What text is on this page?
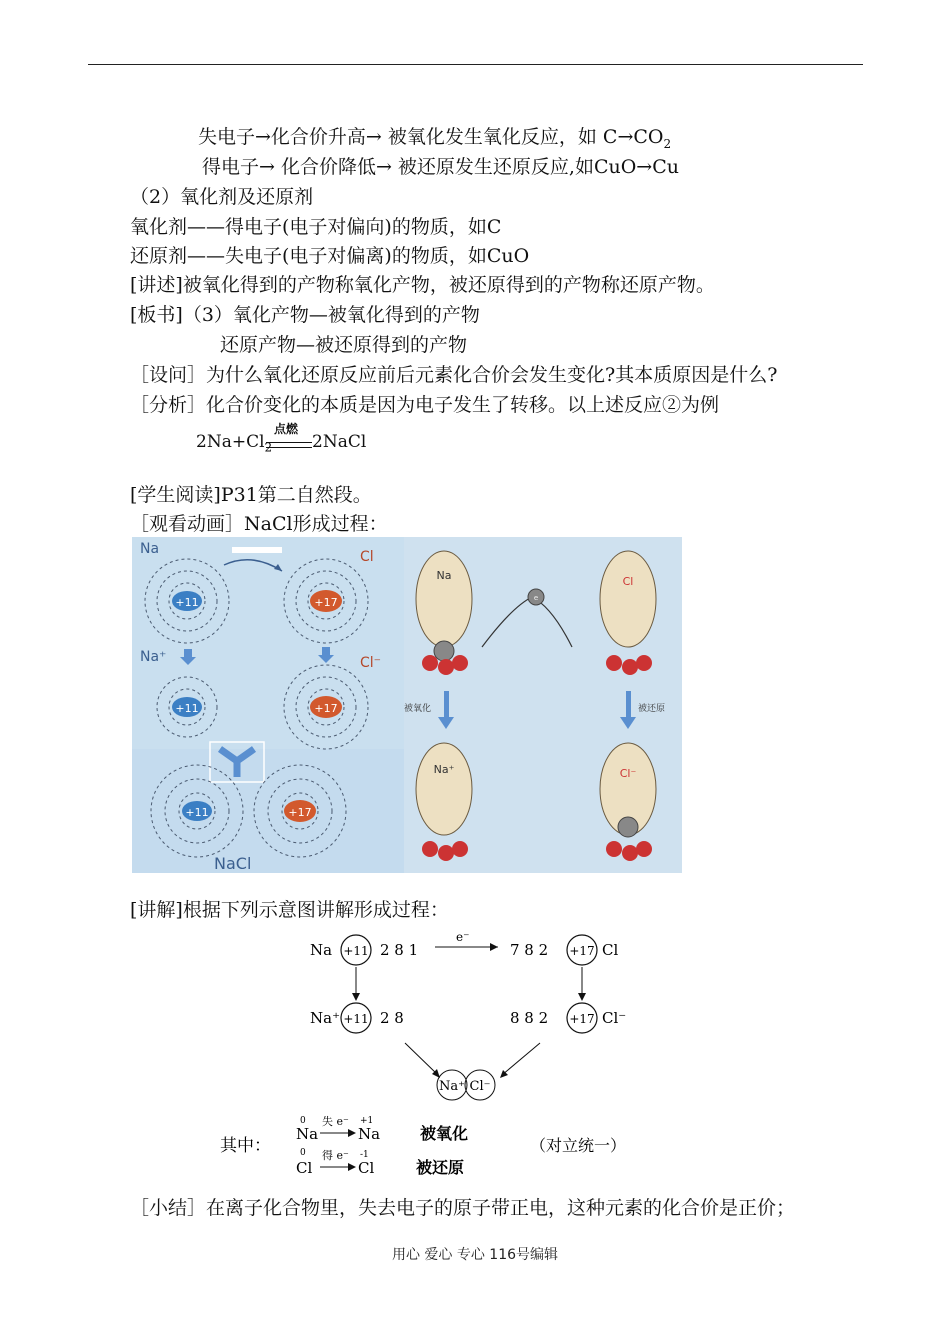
失电子→化合价升高→ 被氧化发生氧化反应，如 $C\to CO_2$
得电子→ 化合价降低→ 被还原发生还原反应,如CuO→Cu
（2）氧化剂及还原剂
氧化剂——得电子(电子对偏向)的物质，如C
还原剂——失电子(电子对偏离)的物质，如CuO
[讲述]被氧化得到的产物称氧化产物，被还原得到的产物称还原产物。
[板书]（3）氧化产物—被氧化得到的产物
还原产物—被还原得到的产物
［设问］为什么氧化还原反应前后元素化合价会发生变化?其本质原因是什么?
［分析］化合价变化的本质是因为电子发生了转移。以上述反应②为例
$2Na+Cl_2$
点燃
2NaCl
[学生阅读]P31第二自然段。
［观看动画］NaCl形成过程：
+11
Na
+17
Cl
Na⁺	Cl⁻
+11	+17
+11	+17
NaCl
Na
e
Cl
被氧化	被还原
Na⁺	Cl⁻
[讲解]根据下列示意图讲解形成过程：
Na +11 2 8 1
e⁻
7 8 2 +17 Cl
Na⁺ +11 2 8	8 8 2 +17 Cl⁻
Na⁺ Cl⁻
其中：
0 失 e⁻ +1
Na	Na 被氧化
0 得 e⁻ -1
Cl	Cl	被还原
（对立统一）
［小结］在离子化合物里，失去电子的原子带正电，这种元素的化合价是正价；
用心 爱心 专心 116号编辑
